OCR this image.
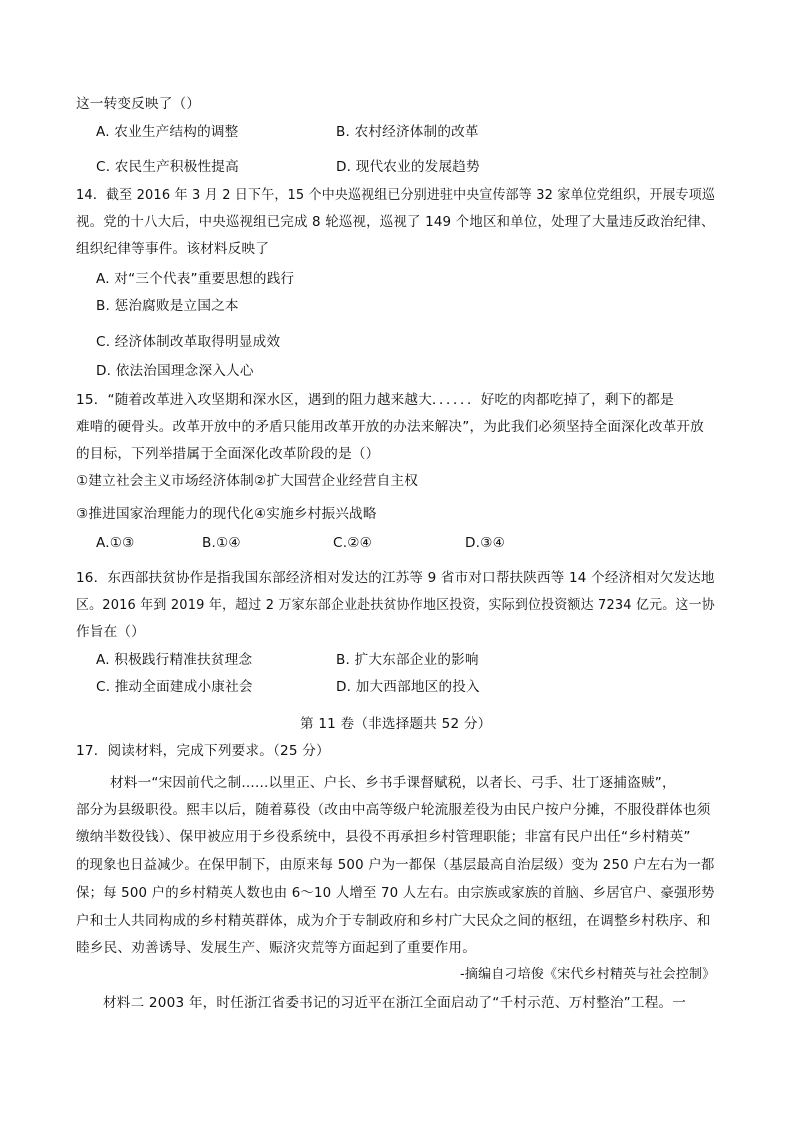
这一转变反映了（）
A. 农业生产结构的调整	B. 农村经济体制的改革
C. 农民生产积极性提高	D. 现代农业的发展趋势
14．截至 2016 年 3 月 2 日下午，15 个中央巡视组已分别进驻中央宣传部等 32 家单位党组织，开展专项巡
视。党的十八大后，中央巡视组已完成 8 轮巡视，巡视了 149 个地区和单位，处理了大量违反政治纪律、
组织纪律等事件。该材料反映了
A. 对“三个代表”重要思想的践行
B. 惩治腐败是立国之本
C. 经济体制改革取得明显成效
D. 依法治国理念深入人心
15．“随着改革进入攻坚期和深水区，遇到的阻力越来越大．．．．．．好吃的肉都吃掉了，剩下的都是
难啃的硬骨头。改革开放中的矛盾只能用改革开放的办法来解决”，为此我们必须坚持全面深化改革开放
的目标，下列举措属于全面深化改革阶段的是（）
①建立社会主义市场经济体制②扩大国营企业经营自主权
③推进国家治理能力的现代化④实施乡村振兴战略
A.①③	B.①④	C.②④	D.③④
16．东西部扶贫协作是指我国东部经济相对发达的江苏等 9 省市对口帮扶陕西等 14 个经济相对欠发达地
区。2016 年到 2019 年，超过 2 万家东部企业赴扶贫协作地区投资，实际到位投资额达 7234 亿元。这一协
作旨在（）
A. 积极践行精准扶贫理念	B. 扩大东部企业的影响
C. 推动全面建成小康社会	D. 加大西部地区的投入
第 11 卷（非选择题共 52 分）
17．阅读材料，完成下列要求。（25 分）
材料一“宋因前代之制......以里正、户长、乡书手课督赋税，以者长、弓手、壮丁逐捕盗贼”，
部分为县级职役。熙丰以后，随着募役（改由中高等级户轮流服差役为由民户按户分摊，不服役群体也须
缴纳半数役钱）、保甲被应用于乡役系统中，县役不再承担乡村管理职能；非富有民户出任“乡村精英”
的现象也日益减少。在保甲制下，由原来每 500 户为一都保（基层最高自治层级）变为 250 户左右为一都
保；每 500 户的乡村精英人数也由 6～10 人增至 70 人左右。由宗族或家族的首脑、乡居官户、豪强形势
户和士人共同构成的乡村精英群体，成为介于专制政府和乡村广大民众之间的枢纽，在调整乡村秩序、和
睦乡民、劝善诱导、发展生产、赈济灾荒等方面起到了重要作用。
-摘编自刁培俊《宋代乡村精英与社会控制》
材料二 2003 年，时任浙江省委书记的习近平在浙江全面启动了“千村示范、万村整治”工程。一
